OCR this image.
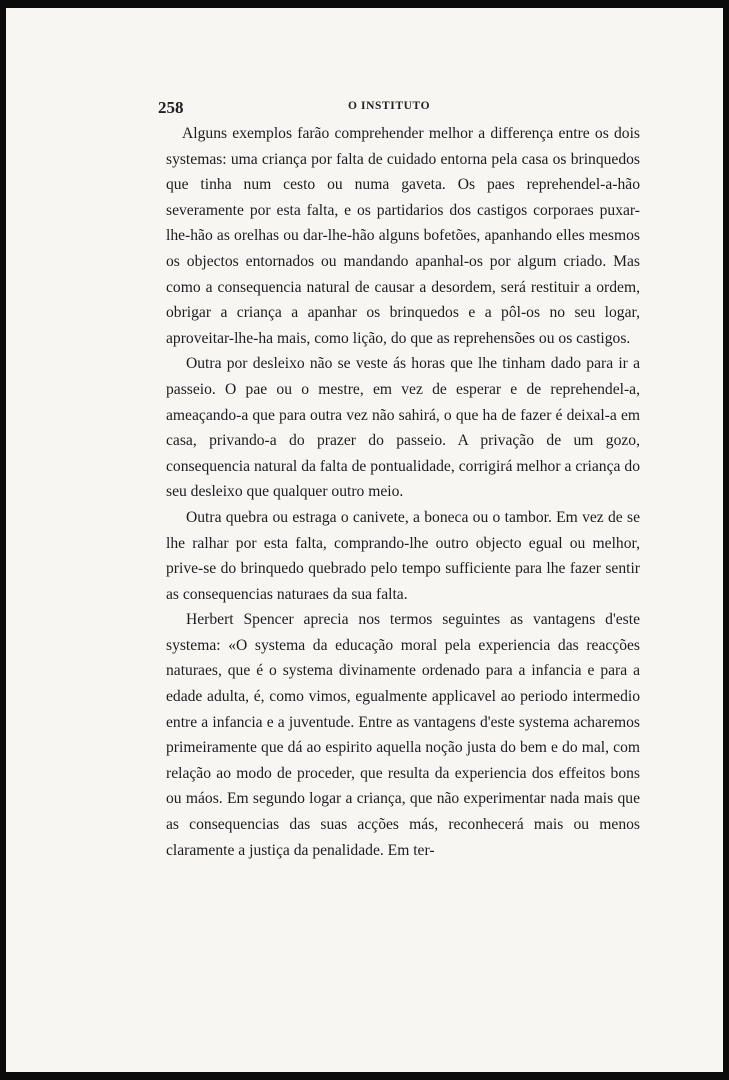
258	O INSTITUTO

Alguns exemplos farão comprehender melhor a differença entre os dois systemas: uma criança por falta de cuidado entorna pela casa os brinquedos que tinha num cesto ou numa gaveta. Os paes reprehendel-a-hão severamente por esta falta, e os partidarios dos castigos corporaes puxar-lhe-hão as orelhas ou dar-lhe-hão alguns bofetões, apanhando elles mesmos os objectos entornados ou mandando apanhal-os por algum criado. Mas como a consequencia natural de causar a desordem, será restituir a ordem, obrigar a criança a apanhar os brinquedos e a pôl-os no seu logar, aproveitar-lhe-ha mais, como lição, do que as reprehensões ou os castigos.

Outra por desleixo não se veste ás horas que lhe tinham dado para ir a passeio. O pae ou o mestre, em vez de esperar e de reprehendel-a, ameaçando-a que para outra vez não sahirá, o que ha de fazer é deixal-a em casa, privando-a do prazer do passeio. A privação de um gozo, consequencia natural da falta de pontualidade, corrigirá melhor a criança do seu desleixo que qualquer outro meio.

Outra quebra ou estraga o canivete, a boneca ou o tambor. Em vez de se lhe ralhar por esta falta, comprando-lhe outro objecto egual ou melhor, prive-se do brinquedo quebrado pelo tempo sufficiente para lhe fazer sentir as consequencias naturaes da sua falta.

Herbert Spencer aprecia nos termos seguintes as vantagens d'este systema: «O systema da educação moral pela experiencia das reacções naturaes, que é o systema divinamente ordenado para a infancia e para a edade adulta, é, como vimos, egualmente applicavel ao periodo intermedio entre a infancia e a juventude. Entre as vantagens d'este systema acharemos primeiramente que dá ao espirito aquella noção justa do bem e do mal, com relação ao modo de proceder, que resulta da experiencia dos effeitos bons ou máos. Em segundo logar a criança, que não experimentar nada mais que as consequencias das suas acções más, reconhecerá mais ou menos claramente a justiça da penalidade. Em ter-
